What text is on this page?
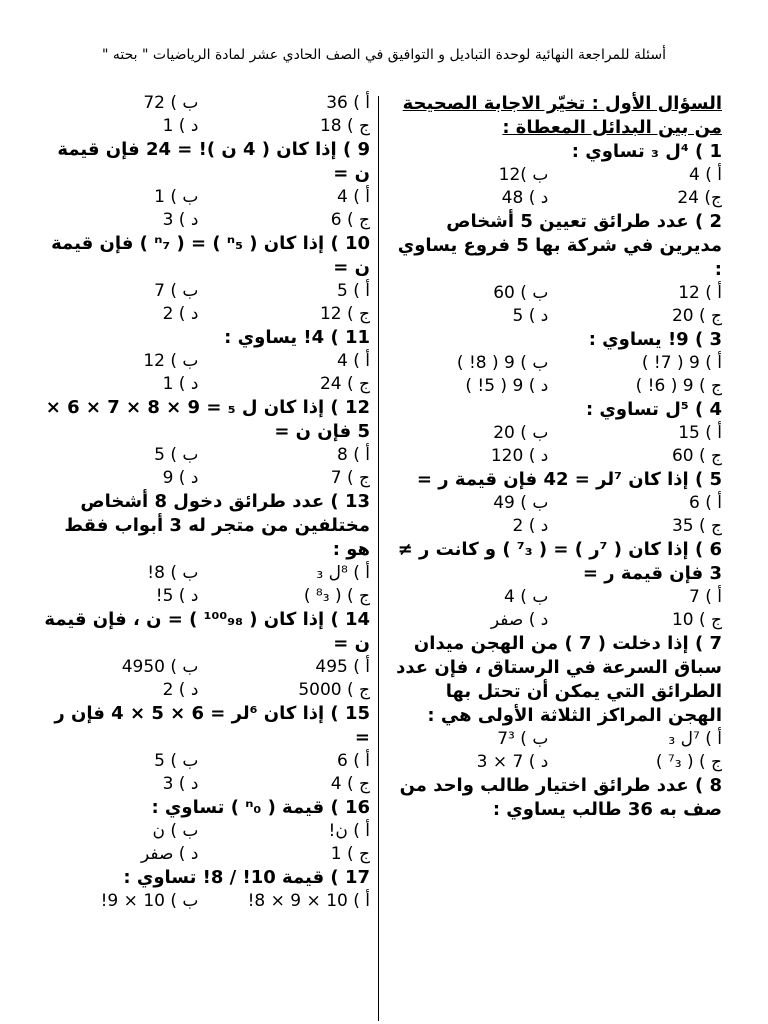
أسئلة للمراجعة النهائية لوحدة التباديل و التوافيق في الصف الحادي عشر لمادة الرياضيات " بحته "
السؤال الأول : تخيّر الاجابة الصحيحة من بين البدائل المعطاة :
1 ) ⁴ل ₃ تساوي :
أ ) 4
ب )12
ج) 24
د ) 48
2 ) عدد طرائق تعيين 5 أشخاص مديرين في شركة بها 5 فروع يساوي :
أ ) 12
ب ) 60
ج ) 20
د ) 5
3 ) 9! يساوي :
أ ) 9 ( 7! )
ب ) 9 ( 8! )
ج ) 9 ( 6! )
د ) 9 ( 5! )
4 ) ⁵ل تساوي :
أ ) 15
ب ) 20
ج ) 60
د ) 120
5 ) إذا كان ⁷لر = 42 فإن قيمة ر =
أ ) 6
ب ) 49
ج ) 35
د ) 2
6 ) إذا كان ( ⁷ر ) = ( ⁷₃ ) و كانت ر ≠ 3 فإن قيمة ر =
أ ) 7
ب ) 4
ج ) 10
د ) صفر
7 ) إذا دخلت ( 7 ) من الهجن ميدان سباق السرعة في الرستاق ، فإن عدد الطرائق التي يمكن أن تحتل بها الهجن المراكز الثلاثة الأولى هي :
أ ) ⁷ل ₃
ب ) 7³
ج ) ( ⁷₃ )
د ) 7 × 3
8 ) عدد طرائق اختيار طالب واحد من صف به 36 طالب يساوي :
أ ) 36
ب ) 72
ج ) 18
د ) 1
9 ) إذا كان ( 4 ن )! = 24 فإن قيمة ن =
أ ) 4
ب ) 1
ج ) 6
د ) 3
10 ) إذا كان ( ⁿ₅ ) = ( ⁿ₇ ) فإن قيمة ن =
أ ) 5
ب ) 7
ج ) 12
د ) 2
11 ) 4! يساوي :
أ ) 4
ب ) 12
ج ) 24
د ) 1
12 ) إذا كان ل ₅ = 9 × 8 × 7 × 6 × 5 فإن ن =
أ ) 8
ب ) 5
ج ) 7
د ) 9
13 ) عدد طرائق دخول 8 أشخاص مختلفين من متجر له 3 أبواب فقط هو :
أ ) ⁸ل ₃
ب ) 8!
ج ) ( ⁸₃ )
د ) 5!
14 ) إذا كان ( ¹⁰⁰₉₈ ) = ن ، فإن قيمة ن =
أ ) 495
ب ) 4950
ج ) 5000
د ) 2
15 ) إذا كان ⁶لر = 6 × 5 × 4 فإن ر =
أ ) 6
ب ) 5
ج ) 4
د ) 3
16 ) قيمة ( ⁿ₀ ) تساوي :
أ ) ن!
ب ) ن
ج ) 1
د ) صفر
17 ) قيمة 10! / 8! تساوي :
أ ) 10 × 9 × 8!
ب ) 10 × 9!
